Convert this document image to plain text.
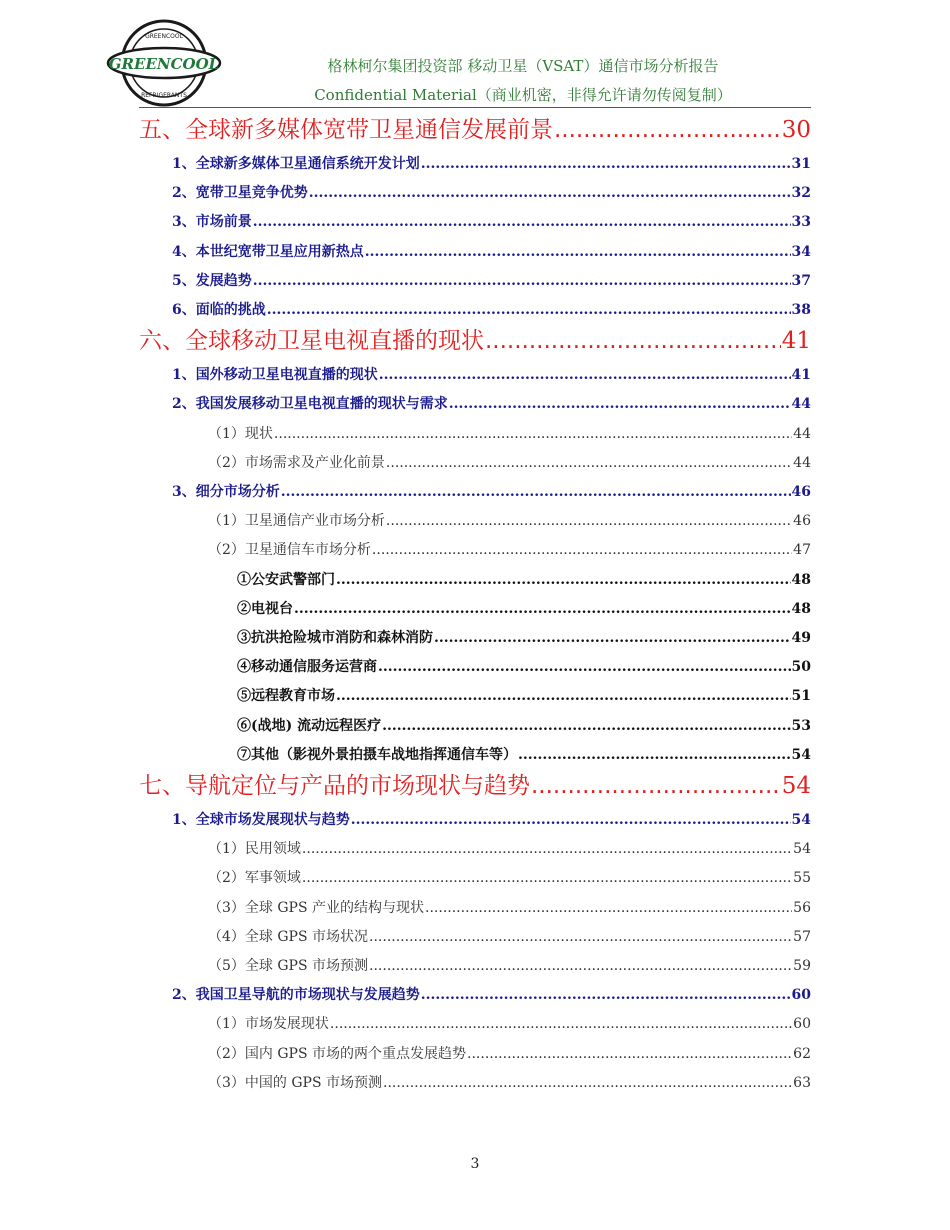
GREENCOOL
GREENCOOL
REFRIGERANTS
格林柯尔集团投资部 移动卫星（VSAT）通信市场分析报告
Confidential Material（商业机密，非得允许请勿传阅复制）
五、全球新多媒体宽带卫星通信发展前景 .....	30
1、全球新多媒体卫星通信系统开发计划 .....	31
2、宽带卫星竞争优势 .....	32
3、市场前景 .....	33
4、本世纪宽带卫星应用新热点 .....	34
5、发展趋势 .....	37
6、面临的挑战 .....	38
六、全球移动卫星电视直播的现状 .....	41
1、国外移动卫星电视直播的现状 .....	41
2、我国发展移动卫星电视直播的现状与需求 .....	44
（1）现状 .....	44
（2）市场需求及产业化前景 .....	44
3、细分市场分析 .....	46
（1）卫星通信产业市场分析 .....	46
（2）卫星通信车市场分析 .....	47
①公安武警部门 .....	48
②电视台 .....	48
③抗洪抢险城市消防和森林消防 .....	49
④移动通信服务运营商 .....	50
⑤远程教育市场 .....	51
⑥(战地) 流动远程医疗 .....	53
⑦其他（影视外景拍摄车战地指挥通信车等） .....	54
七、导航定位与产品的市场现状与趋势 .....	54
1、全球市场发展现状与趋势 .....	54
（1）民用领域 .....	54
（2）军事领域 .....	55
（3）全球 GPS 产业的结构与现状 .....	56
（4）全球 GPS 市场状况 .....	57
（5）全球 GPS 市场预测 .....	59
2、我国卫星导航的市场现状与发展趋势 .....	60
（1）市场发展现状 .....	60
（2）国内 GPS 市场的两个重点发展趋势 .....	62
（3）中国的 GPS 市场预测 .....	63
3
